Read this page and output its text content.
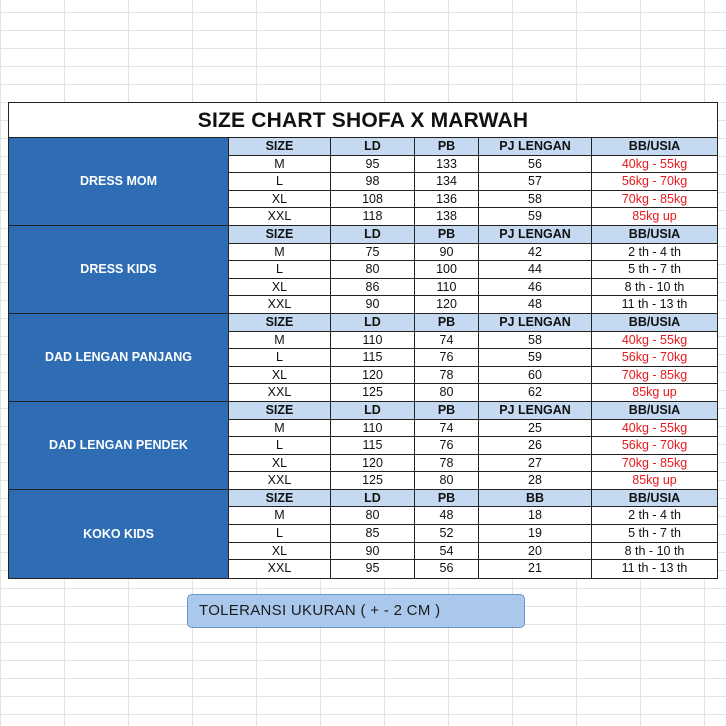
SIZE CHART SHOFA X MARWAH
DRESS MOM
SIZE	LD	PB	PJ LENGAN	BB/USIA
M	95	133	56	40kg - 55kg
L	98	134	57	56kg - 70kg
XL	108	136	58	70kg - 85kg
XXL	118	138	59	85kg up
DRESS KIDS
SIZE	LD	PB	PJ LENGAN	BB/USIA
M	75	90	42	2 th - 4 th
L	80	100	44	5 th - 7 th
XL	86	110	46	8 th - 10 th
XXL	90	120	48	11 th - 13 th
DAD LENGAN PANJANG
SIZE	LD	PB	PJ LENGAN	BB/USIA
M	110	74	58	40kg - 55kg
L	115	76	59	56kg - 70kg
XL	120	78	60	70kg - 85kg
XXL	125	80	62	85kg up
DAD LENGAN PENDEK
SIZE	LD	PB	PJ LENGAN	BB/USIA
M	110	74	25	40kg - 55kg
L	115	76	26	56kg - 70kg
XL	120	78	27	70kg - 85kg
XXL	125	80	28	85kg up
KOKO KIDS
SIZE	LD	PB	BB	BB/USIA
M	80	48	18	2 th - 4 th
L	85	52	19	5 th - 7 th
XL	90	54	20	8 th - 10 th
XXL	95	56	21	11 th - 13 th
TOLERANSI UKURAN ( + - 2 CM )
